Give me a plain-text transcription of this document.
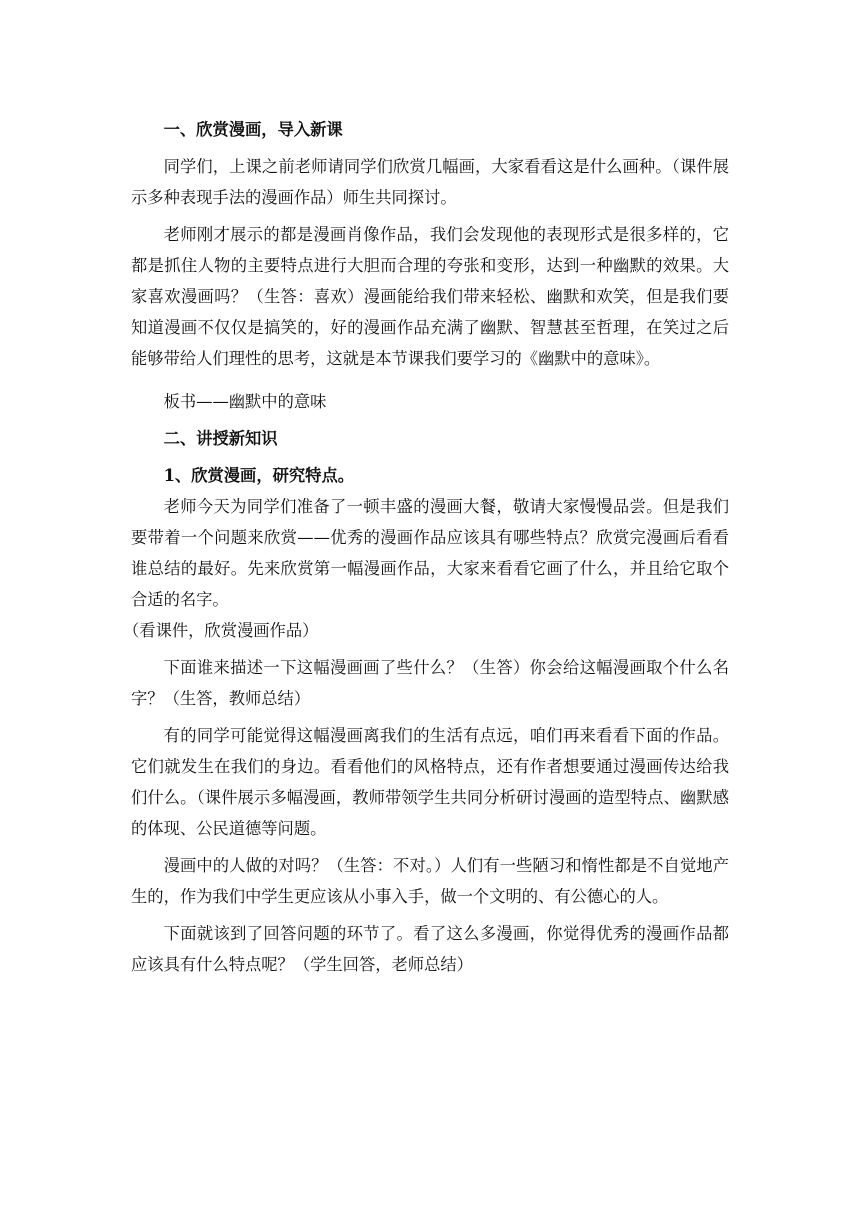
一、欣赏漫画，导入新课

同学们，上课之前老师请同学们欣赏几幅画，大家看看这是什么画种。（课件展示多种表现手法的漫画作品）师生共同探讨。

老师刚才展示的都是漫画肖像作品，我们会发现他的表现形式是很多样的，它都是抓住人物的主要特点进行大胆而合理的夸张和变形，达到一种幽默的效果。大家喜欢漫画吗？（生答：喜欢）漫画能给我们带来轻松、幽默和欢笑，但是我们要知道漫画不仅仅是搞笑的，好的漫画作品充满了幽默、智慧甚至哲理，在笑过之后能够带给人们理性的思考，这就是本节课我们要学习的《幽默中的意味》。

板书——幽默中的意味

二、讲授新知识

1、欣赏漫画，研究特点。

老师今天为同学们准备了一顿丰盛的漫画大餐，敬请大家慢慢品尝。但是我们要带着一个问题来欣赏——优秀的漫画作品应该具有哪些特点？欣赏完漫画后看看谁总结的最好。先来欣赏第一幅漫画作品，大家来看看它画了什么，并且给它取个合适的名字。

（看课件，欣赏漫画作品）

下面谁来描述一下这幅漫画画了些什么？（生答）你会给这幅漫画取个什么名字？（生答，教师总结）

有的同学可能觉得这幅漫画离我们的生活有点远，咱们再来看看下面的作品。它们就发生在我们的身边。看看他们的风格特点，还有作者想要通过漫画传达给我们什么。（课件展示多幅漫画，教师带领学生共同分析研讨漫画的造型特点、幽默感的体现、公民道德等问题。

漫画中的人做的对吗？（生答：不对。）人们有一些陋习和惰性都是不自觉地产生的，作为我们中学生更应该从小事入手，做一个文明的、有公德心的人。

下面就该到了回答问题的环节了。看了这么多漫画，你觉得优秀的漫画作品都应该具有什么特点呢？（学生回答，老师总结）
